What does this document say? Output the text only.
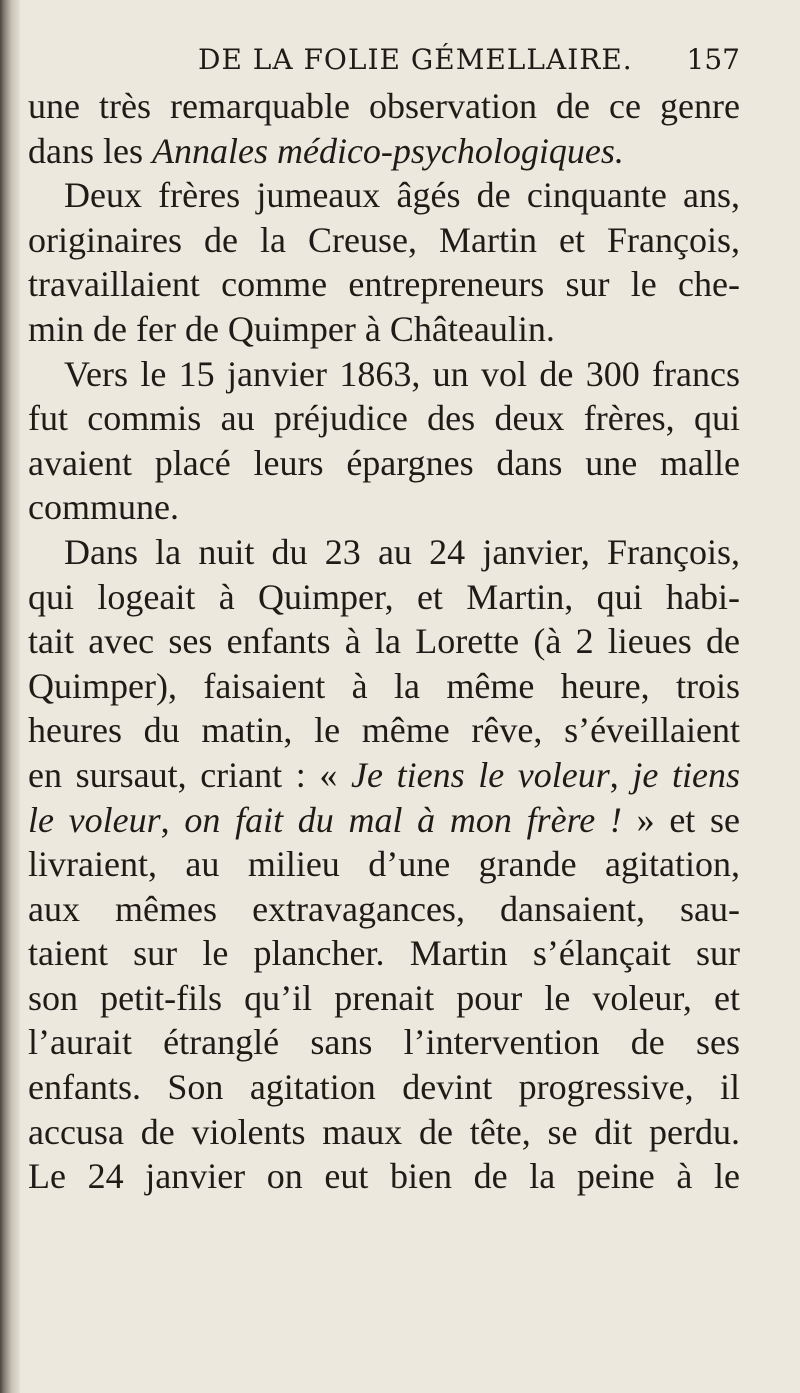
DE LA FOLIE GÉMELLAIRE. 157
une très remarquable observation de ce genre
dans les Annales médico-psychologiques.
Deux frères jumeaux âgés de cinquante ans,
originaires de la Creuse, Martin et François,
travaillaient comme entrepreneurs sur le che-
min de fer de Quimper à Châteaulin.
Vers le 15 janvier 1863, un vol de 300 francs
fut commis au préjudice des deux frères, qui
avaient placé leurs épargnes dans une malle
commune.
Dans la nuit du 23 au 24 janvier, François,
qui logeait à Quimper, et Martin, qui habi-
tait avec ses enfants à la Lorette (à 2 lieues de
Quimper), faisaient à la même heure, trois
heures du matin, le même rêve, s’éveillaient
en sursaut, criant : « Je tiens le voleur, je tiens
le voleur, on fait du mal à mon frère ! » et se
livraient, au milieu d’une grande agitation,
aux mêmes extravagances, dansaient, sau-
taient sur le plancher. Martin s’élançait sur
son petit-fils qu’il prenait pour le voleur, et
l’aurait étranglé sans l’intervention de ses
enfants. Son agitation devint progressive, il
accusa de violents maux de tête, se dit perdu.
Le 24 janvier on eut bien de la peine à le
